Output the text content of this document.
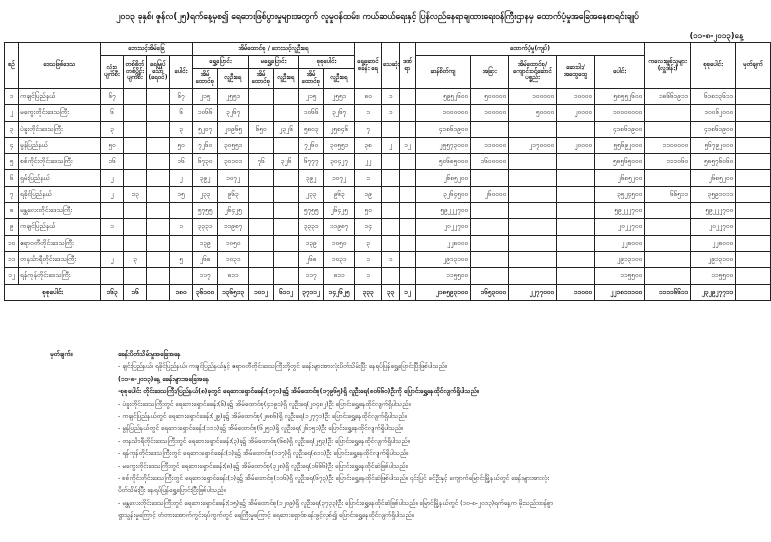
၂၀၁၃ ခုနှစ်၊ ဇူန်လ(၂၅)ရက်နေ့မှစ၍ ရေဘေးဖြစ်ပွားမှုများအတွက် လူမှုဝန်ထမ်း၊ ကယ်ဆယ်ရေးနှင့် ပြန်လည်နေရာချထားရေးဝန်ကြီးဌာနမှ ထောက်ပံ့မှုအခြေအနေစာရင်းချုပ်
(၁၁-၈-၂၀၁၃)နေ့
စဉ်	ဒေသဖြစ်ဒေသ	ဘေးသင့်အိမ်ခြေ				အိမ်ထောင်စု / ဘေးသင့်လူဦးရေ						ရှေ့ဆောင် စခန်း ရေ	သေဆုံး	ဒဏ် ရာ	ထောက်ပံ့မှု(ကျပ်)					ကလေးချစ်သူများ (လှူဒါန်း)	စုစုပေါင်း	မှတ်ချက်
		လုံးဝ ပျက်စီး	တစ်စိတ် တစ်ပိုင်း ပျက်စီး	ရေမြှုပ်သော (ရေဝင်)	ပေါင်း	ရွှေ့ပြောင်း		မရွှေ့ပြောင်း		စုစုပေါင်း					ဆန်စိတ်ကျ	အခြား	အိမ်ထောင်စု/ ကျောင်းဝင်ဆောင် ပစ္စည်း	ဆေးဝါး/ အထွေထွေ	ပေါင်း			
						အိမ် ထောင်စု	လူဦးရေ	အိမ် ထောင်စု	လူဦးရေ	အိမ် ထောင်စု	လူဦးရေ											
၁	ကချင်ပြည်နယ်	၆၇			၆၇	၂၁၅	၂၅၅၁			၂၁၅	၂၅၅၁	၈၀	၁		၅၉၅၂၆၀၀	၅၀၀၀၀၀	၁၀၀၀၀၀	၁၀၀၀၀	၅၈၅၅၂၆၀၀	၁၈၆၆၁၉၁၁	၆၁၈၁၃၆၁၁	
၂	မကွေးတိုင်းဒေသကြီး	၆			၆	၁၀၆၆	၃၂၆၇			၁၀၆၆	၃၂၆၇	၁	၁		၁၀၀၀၀၀၀	၁၀၀၀၀၀	၅၀၀၀၀	၂၀၀၀၀	၁၀၀၀၀၀၀၀		၁၀၀၆၂၀၀၀	
၃	ပဲခူးတိုင်းဒေသကြီး	၃			၃	၅၂၀၇	၂၀၉၆၅	၆၅၀	၂၃၂၆	၅၈၀၃	၂၅၈၄၆	၇			၄၁၈၆၁၉၀၀				၄၁၈၆၁၉၀၀		၄၁၈၆၁၉၀၀	
၄	မွန်ပြည်နယ်	၅၀			၅၀	၇၂၆၀	၃၀၅၅၁			၇၂၆၀	၃၀၅၅၁	၃၈	၂	၁၂	၂၅၅၇၃၀၀၀	၁၁၀၀၀၀	၂၁၇၀၀၀၀	၂၀၀၀၀	၅၅၆၉၂၀၀၀	၁၁၀၀၀၀၀	၅၆၇၉၂၀၀၀	
၅	စစ်ကိုင်းတိုင်းဒေသကြီး	၁၆			၁၆	၆၇၃၀	၃၀၁၀၁	၇၆	၃၂၆	၆၇၇၇	၃၀၄၂၇	၂၂			၅၀၆၈၅၀၀၀	၁၆၀၀၀၀၀			၅၈၅၆၅၀၀၀	၁၁၁၀၆၀	၅၈၅၇၆၀၆၀	
၆	ရှမ်းပြည်နယ်	၂			၂	၃၉၂	၁၀၇၂			၃၉၂	၁၀၇၂	၁			၂၆၈၅၂၀၀				၂၆၈၅၂၀၀		၂၆၈၅၂၀၀	
၇	ရခိုင်ပြည်နယ်	၂	၁၃		၁၅	၂၃၃	၉၆၃			၂၃၃	၉၆၃	၁၉			၃၂၆၄၅၀၀	၂၆၀၀၀၀			၃၅၂၄၅၀၀	၆၆၅၁၁	၃၅၉၁၀၁၁	
၈	မန္တလေးတိုင်းဒေသကြီး					၅၇၅၅	၂၆၄၂၅			၅၇၅၅	၂၆၄၂၅	၅၀			၅၉၂၂၂၇၀၀				၅၉၂၂၂၇၀၀		၅၉၂၂၂၇၀၀	
၉	ကချင်ပြည်နယ်	၁			၁	၃၃၃၁	၁၁၉၈၇			၃၃၃၁	၁၁၉၈၇	၁၄			၂၀၂၂၇၀၀				၂၀၂၂၇၀၀		၂၀၂၂၇၀၀	
၁၀	ဧရာဝတီတိုင်းဒေသကြီး					၁၃၉	၁၀၅၀			၁၃၉	၁၀၅၀	၃			၂၂၈၀၀၀				၂၂၈၀၀၀		၂၂၈၀၀၀	
၁၁	တနင်္သာရီတိုင်းဒေသကြီး	၂	၃		၅	၂၆၈	၁၀၃၁			၂၆၈	၁၀၃၁	၁	၁		၂၉၁၃၁၀၀				၂၉၁၃၁၀၀		၂၉၁၃၁၀၀	
၁၂	ရန်ကုန်တိုင်းဒေသကြီး					၁၁၇	၈၁၁			၁၁၇	၈၁၁	၁			၁၁၅၅၀၀				၁၁၅၅၀၀		၁၁၅၅၀၀	
စုစုပေါင်း		၁၆၃	၁၆		၁၈၀	၃၆၁၀၀	၁၃၆၅၁၃	၁၀၁၂	၆၁၁၂	၃၇၁၁၂	၁၄၂၆၂၅	၃၃၃	၃၃	၁၂	၂၁၈၅၉၃၁၀၀	၁၆၅၃၀၀၀	၂၂၇၇၀၀၀	၁၁၀၀၀	၂၂၁၈၁၁၁၀၀	၁၁၁၁၆၆၁၁	၂၃၂၉၂၇၇၁၁	
မှတ်ချက်။	ခေန်းပိတ်သိမ်းမှုအခြေအနေ
- ချင်းပြည်နယ်၊ ရခိုင်ပြည်နယ်၊ ကချင်ပြည်နယ်နှင့် ဧရာဝတီတိုင်းဒေသကြီးတို့တွင် ခေန်းများအားလုံးပိတ်သိမ်းပြီး နေရပ်ပြန်ရွှေ့ပြောင်းပြီးဖြစ်ပါသည်။
(၁၁-၈-၂၀၁၃)နေ့ ခေန်းများအခြေအနေ
-စုစုပေါင်း တိုင်းဒေသကြီး/ပြည်နယ်(၈)ခုတွင် ရေဘေးရှောင်ခေန်း(၁၇၁)ခု၌ အိမ်ထောင်စု(၁၇၉၆၅)ရှိ လူဦးရေ(၈၀၆၆၀)ဦးကို ပြောင်းရွှေ့နေထိုင်လျက်ရှိပါသည်။
- ပဲခူးတိုင်းဒေသကြီးတွင် ရေဘေးရှောင်ခေန်း(၆)ခု၌ အိမ်ထောင်စု(၄၁၉၁)ရှိ လူဦးရေ(၂၀၄၈၂)ဦး ပြောင်းရွှေ့နေထိုင်လျက်ရှိပါသည်။
- ကချင်ပြည်နယ်တွင် ရေဘေးရှောင်ခေန်း(၂၉)ခု၌ အိမ်ထောင်စု(၂၈၈၆)ရှိ လူဦးရေ(၁၂၇၇၁)ဦး ပြောင်းရွှေ့နေထိုင်လျက်ရှိပါသည်။
- မွန်ပြည်နယ်တွင် ရေဘေးရှောင်ခေန်း(၁၁၁)ခု၌ အိမ်ထောင်စု(၆၂၅၁)ရှိ လူဦးရေ(၂၆၁၅၁)ဦး ပြောင်းရွှေ့နေထိုင်လျက်ရှိပါသည်။
- တနင်္သာရီတိုင်းဒေသကြီးတွင် ရေဘေးရှောင်ခေန်း(၃)ခု၌ အိမ်ထောင်စု(၆၈)ရှိ လူဦးရေ(၂၅၃)ဦး ပြောင်းရွှေ့နေထိုင်လျက်ရှိပါသည်။
- ရန်ကုန်တိုင်းဒေသကြီးတွင် ရေဘေးရှောင်ခေန်း(၁)ခု၌ အိမ်ထောင်စု(၁၁၇)ရှိ လူဦးရေ(၈၁၁)ဦး ပြောင်းရွှေ့နေထိုင်လျက်ရှိပါသည်။
- မကွေးတိုင်းဒေသကြီးတွင် ရေဘေးရှောင်ခေန်း(၈)ခု၌ အိမ်ထောင်စု(၃၂၈)ရှိ လူဦးရေ(၁၆၆၆)ဦး ပြောင်းရွှေ့နေထိုင်ဆဲဖြစ်ပါသည်။
- စစ်ကိုင်းတိုင်းဒေသကြီးတွင် ရေဘေးရှောင်ခေန်း(၁)ခု၌ အိမ်ထောင်စု(၁၁၆)ရှိ လူဦးရေ(၆၇၃)ဦး ပြောင်းရွှေ့နေထိုင်ဆဲဖြစ်ပါသည်။ ၎င်းပြင် ခင်ဦးနှင့် ကျောက်မြောင်းမြို့နယ်တွင် ခေန်းများအားလုံး
ပိတ်သိမ်းပြီး နေရပ်ပြန်ရွှေ့ပြောင်းပြီးဖြစ်ပါသည်။
- မန္တလေးတိုင်းဒေသကြီးတွင် ရေဘေးရှောင်ခေန်း(၁၅)ခု၌ အိမ်ထောင်စု(၁၂၀၉)ရှိ လူဦးရေ(၃၇၃၃)ဦး ပြောင်းရွှေ့နေထိုင်ဆဲဖြစ်ပါသည်။ မြောင်မြို့နယ်တွင် (၁၀-၈-၂၀၁၃)ရက်နေ့က မိုးသည်းထန်စွာ
ရွာသွန်းမှုကြောင့် တံတားအောက်ကွင်းရပ်ကွက်တွင် ရေကြီးမှုကြောင့် ရေဘေးရှောင်စခန်းဖွင့်လှစ်၍ ပြောင်းရွှေ့နေထိုင်လျက်ရှိပါသည်။
